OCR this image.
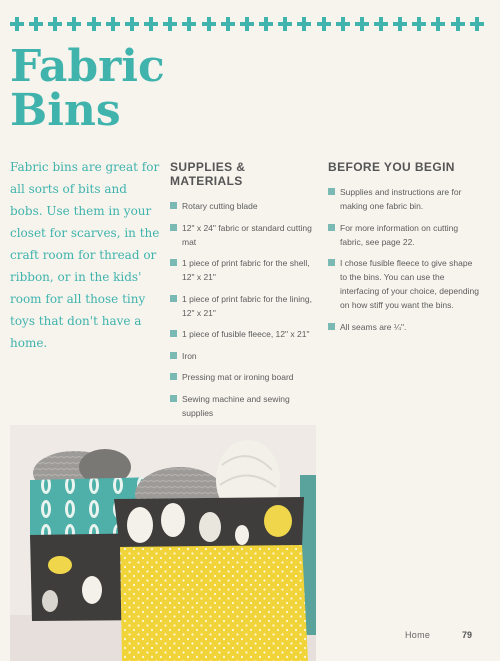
Fabric
Bins

Fabric bins are great for all sorts of bits and bobs. Use them in your closet for scarves, in the craft room for thread or ribbon, or in the kids' room for all those tiny toys that don't have a home.

SUPPLIES & MATERIALS
Rotary cutting blade
12" x 24" fabric or standard cutting mat
1 piece of print fabric for the shell, 12" x 21"
1 piece of print fabric for the lining, 12" x 21"
1 piece of fusible fleece, 12" x 21"
Iron
Pressing mat or ironing board
Sewing machine and sewing supplies
BEFORE YOU BEGIN
Supplies and instructions are for making one fabric bin.
For more information on cutting fabric, see page 22.
I chose fusible fleece to give shape to the bins. You can use the interfacing of your choice, depending on how stiff you want the bins.
All seams are ¼".
Home	79
